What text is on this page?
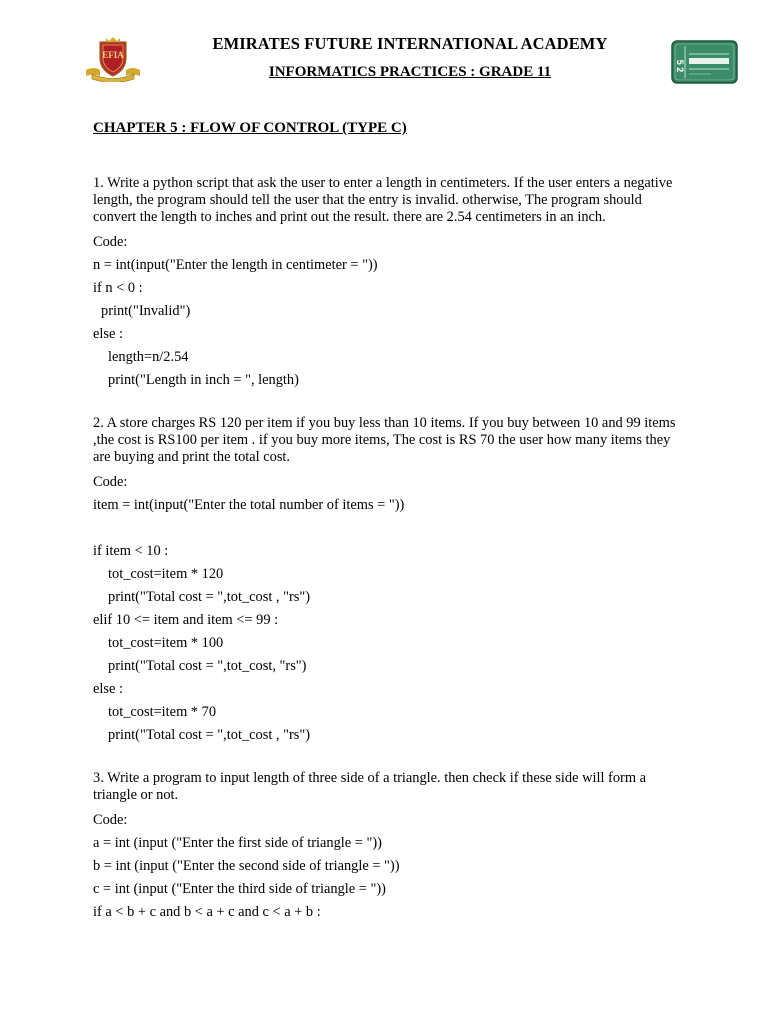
EFIA
EMIRATES FUTURE INTERNATIONAL ACADEMY
INFORMATICS PRACTICES : GRADE 11	5 2
CHAPTER 5 : FLOW OF CONTROL (TYPE C)

1. Write a python script that ask the user to enter a length in centimeters. If the user enters a negative length, the program should tell the user that the entry is invalid. otherwise, The program should convert the length to inches and print out the result. there are 2.54 centimeters in an inch.

Code:
n = int(input("Enter the length in centimeter = "))
if n < 0 :
print("Invalid")
else :
length=n/2.54
print("Length in inch = ", length)

2. A store charges RS 120 per item if you buy less than 10 items. If you buy between 10 and 99 items ,the cost is RS100 per item . if you buy more items, The cost is RS 70 the user how many items they are buying and print the total cost.

Code:
item = int(input("Enter the total number of items = "))
if item < 10 :
tot_cost=item * 120
print("Total cost = ",tot_cost , "rs")
elif 10 <= item and item <= 99 :
tot_cost=item * 100
print("Total cost = ",tot_cost, "rs")
else :
tot_cost=item * 70
print("Total cost = ",tot_cost , "rs")

3. Write a program to input length of three side of a triangle. then check if these side will form a triangle or not.

Code:
a = int (input ("Enter the first side of triangle = "))
b = int (input ("Enter the second side of triangle = "))
c = int (input ("Enter the third side of triangle = "))
if a < b + c and b < a + c and c < a + b :
